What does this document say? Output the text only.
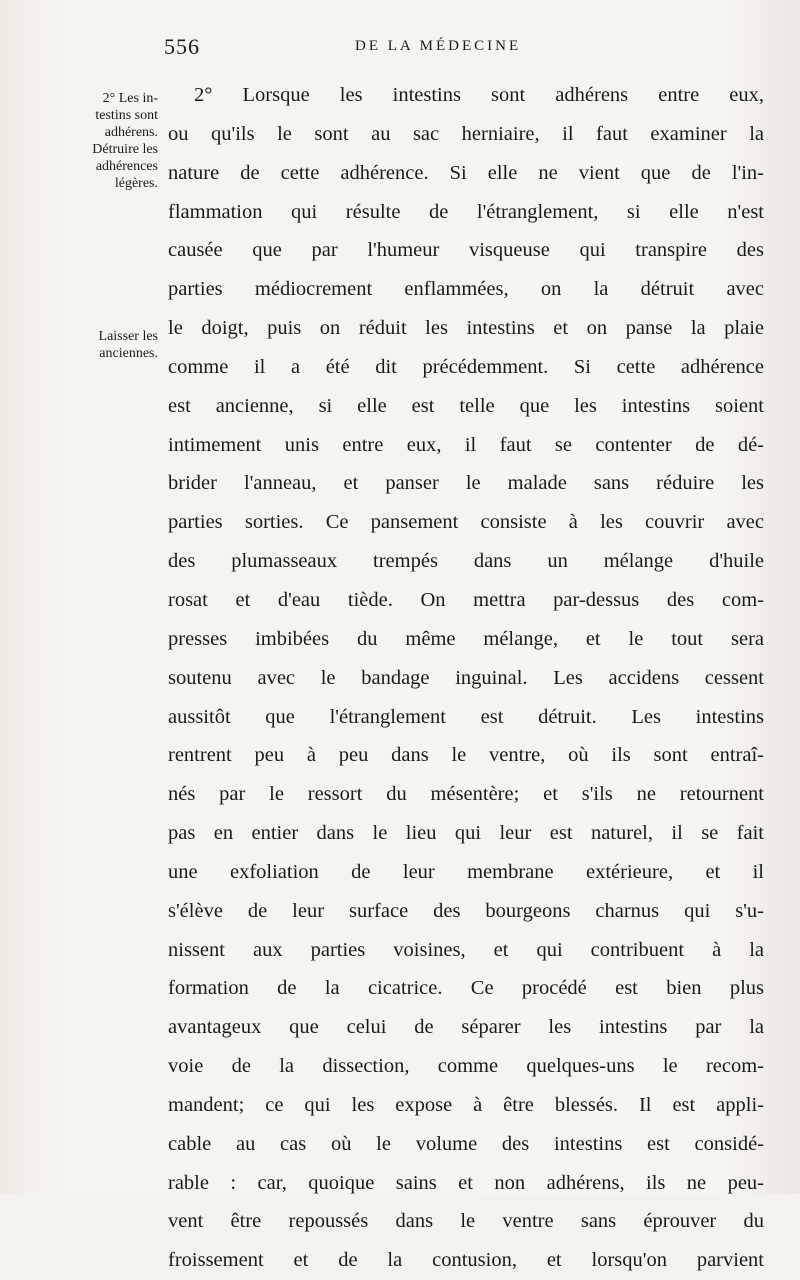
556	DE LA MÉDECINE
2° Les in-
testins sont
adhérens.
Détruire les
adhérences
légères.
Laisser les
anciennes.
2° Lorsque les intestins sont adhérens entre eux,
ou qu'ils le sont au sac herniaire, il faut examiner la
nature de cette adhérence. Si elle ne vient que de l'in-
flammation qui résulte de l'étranglement, si elle n'est
causée que par l'humeur visqueuse qui transpire des
parties médiocrement enflammées, on la détruit avec
le doigt, puis on réduit les intestins et on panse la plaie
comme il a été dit précédemment. Si cette adhérence
est ancienne, si elle est telle que les intestins soient
intimement unis entre eux, il faut se contenter de dé-
brider l'anneau, et panser le malade sans réduire les
parties sorties. Ce pansement consiste à les couvrir avec
des plumasseaux trempés dans un mélange d'huile
rosat et d'eau tiède. On mettra par-dessus des com-
presses imbibées du même mélange, et le tout sera
soutenu avec le bandage inguinal. Les accidens cessent
aussitôt que l'étranglement est détruit. Les intestins
rentrent peu à peu dans le ventre, où ils sont entraî-
nés par le ressort du mésentère; et s'ils ne retournent
pas en entier dans le lieu qui leur est naturel, il se fait
une exfoliation de leur membrane extérieure, et il
s'élève de leur surface des bourgeons charnus qui s'u-
nissent aux parties voisines, et qui contribuent à la
formation de la cicatrice. Ce procédé est bien plus
avantageux que celui de séparer les intestins par la
voie de la dissection, comme quelques-uns le recom-
mandent; ce qui les expose à être blessés. Il est appli-
cable au cas où le volume des intestins est considé-
rable : car, quoique sains et non adhérens, ils ne peu-
vent être repoussés dans le ventre sans éprouver du
froissement et de la contusion, et lorsqu'on parvient
